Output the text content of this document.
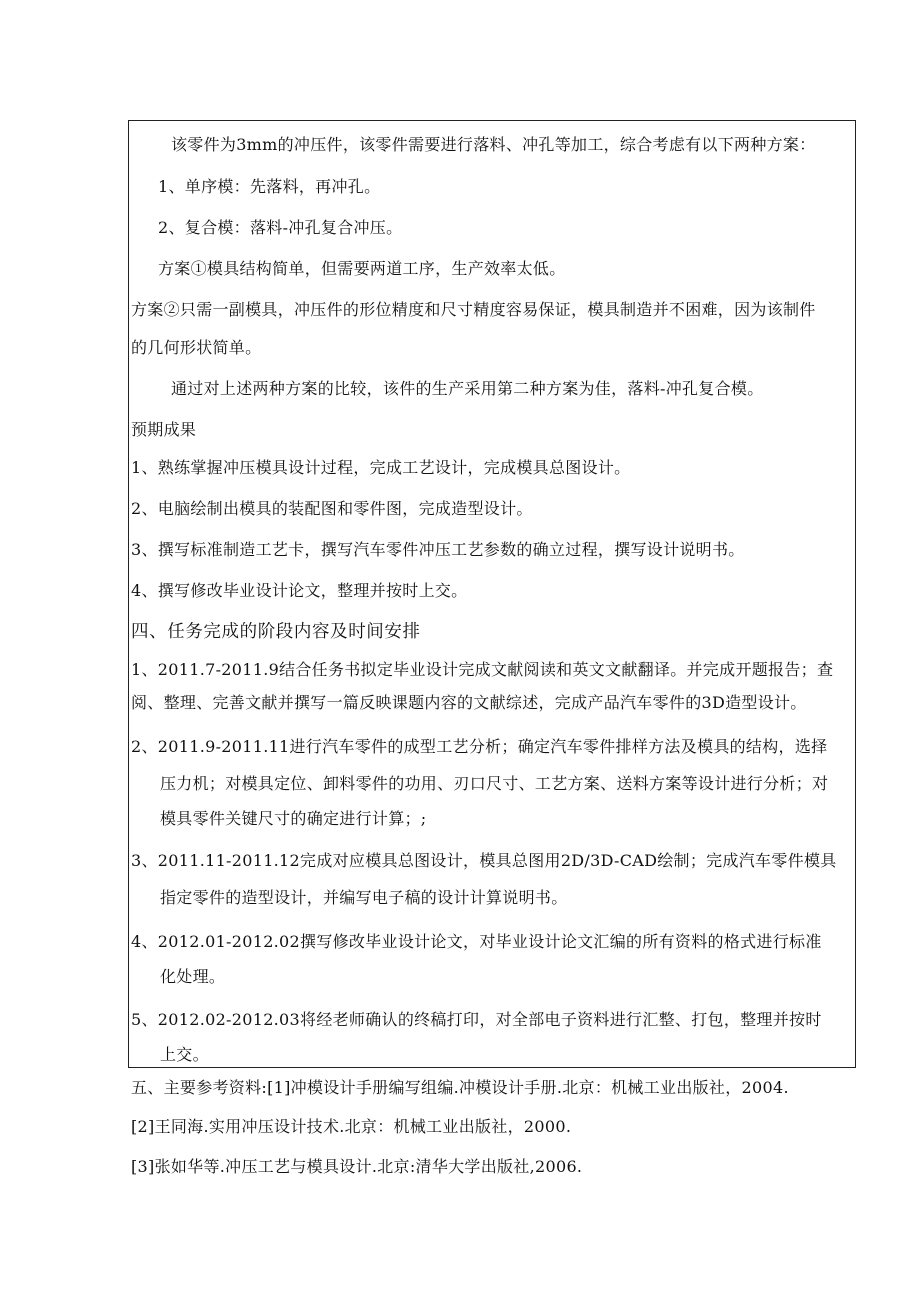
该零件为3mm的冲压件，该零件需要进行落料、冲孔等加工，综合考虑有以下两种方案：
1、单序模：先落料，再冲孔。
2、复合模：落料-冲孔复合冲压。
方案①模具结构简单，但需要两道工序，生产效率太低。
方案②只需一副模具，冲压件的形位精度和尺寸精度容易保证，模具制造并不困难，因为该制件
的几何形状简单。
通过对上述两种方案的比较，该件的生产采用第二种方案为佳，落料-冲孔复合模。
预期成果
1、熟练掌握冲压模具设计过程，完成工艺设计，完成模具总图设计。
2、电脑绘制出模具的装配图和零件图，完成造型设计。
3、撰写标准制造工艺卡，撰写汽车零件冲压工艺参数的确立过程，撰写设计说明书。
4、撰写修改毕业设计论文，整理并按时上交。
四、任务完成的阶段内容及时间安排
1、2011.7-2011.9结合任务书拟定毕业设计完成文献阅读和英文文献翻译。并完成开题报告；查
阅、整理、完善文献并撰写一篇反映课题内容的文献综述，完成产品汽车零件的3D造型设计。
2、2011.9-2011.11进行汽车零件的成型工艺分析；确定汽车零件排样方法及模具的结构，选择
压力机；对模具定位、卸料零件的功用、刃口尺寸、工艺方案、送料方案等设计进行分析；对
模具零件关键尺寸的确定进行计算；;
3、2011.11-2011.12完成对应模具总图设计，模具总图用2D/3D-CAD绘制；完成汽车零件模具
指定零件的造型设计，并编写电子稿的设计计算说明书。
4、2012.01-2012.02撰写修改毕业设计论文，对毕业设计论文汇编的所有资料的格式进行标准
化处理。
5、2012.02-2012.03将经老师确认的终稿打印，对全部电子资料进行汇整、打包，整理并按时
上交。
五、主要参考资料:[1]冲模设计手册编写组编.冲模设计手册.北京：机械工业出版社，2004.
[2]王同海.实用冲压设计技术.北京：机械工业出版社，2000.
[3]张如华等.冲压工艺与模具设计.北京:清华大学出版社,2006.
